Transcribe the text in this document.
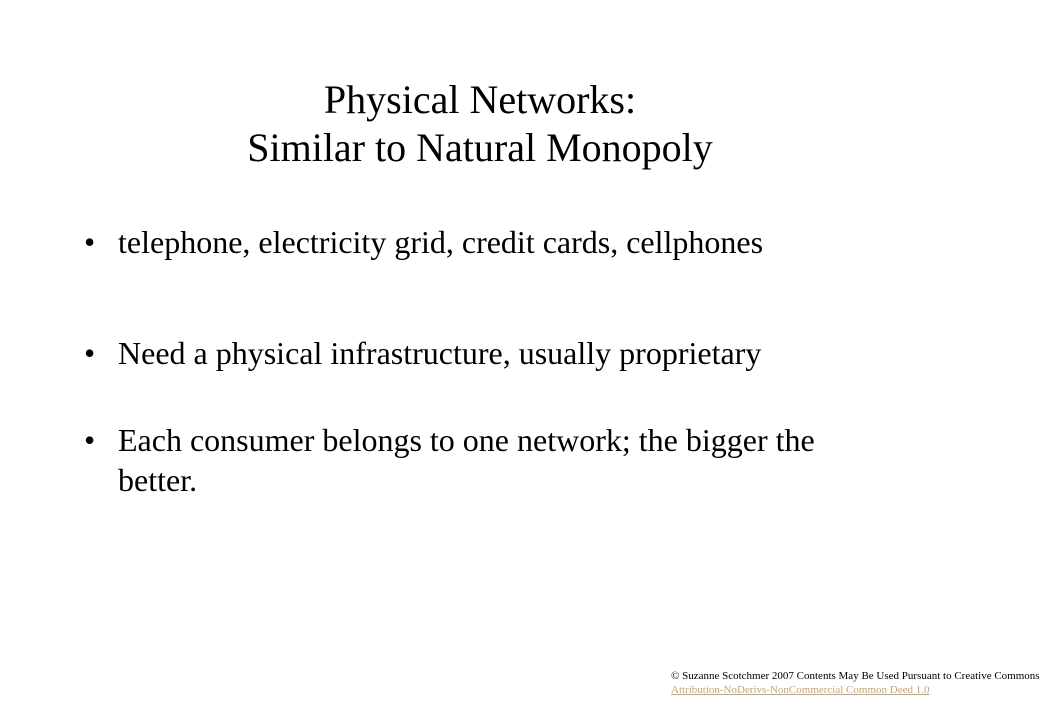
Physical Networks:
Similar to Natural Monopoly
• telephone, electricity grid, credit cards, cellphones
• Need a physical infrastructure, usually proprietary
• Each consumer belongs to one network; the bigger the better.
© Suzanne Scotchmer 2007 Contents May Be Used Pursuant to Creative Commons
Attribution-NoDerivs-NonCommercial Common Deed 1.0
